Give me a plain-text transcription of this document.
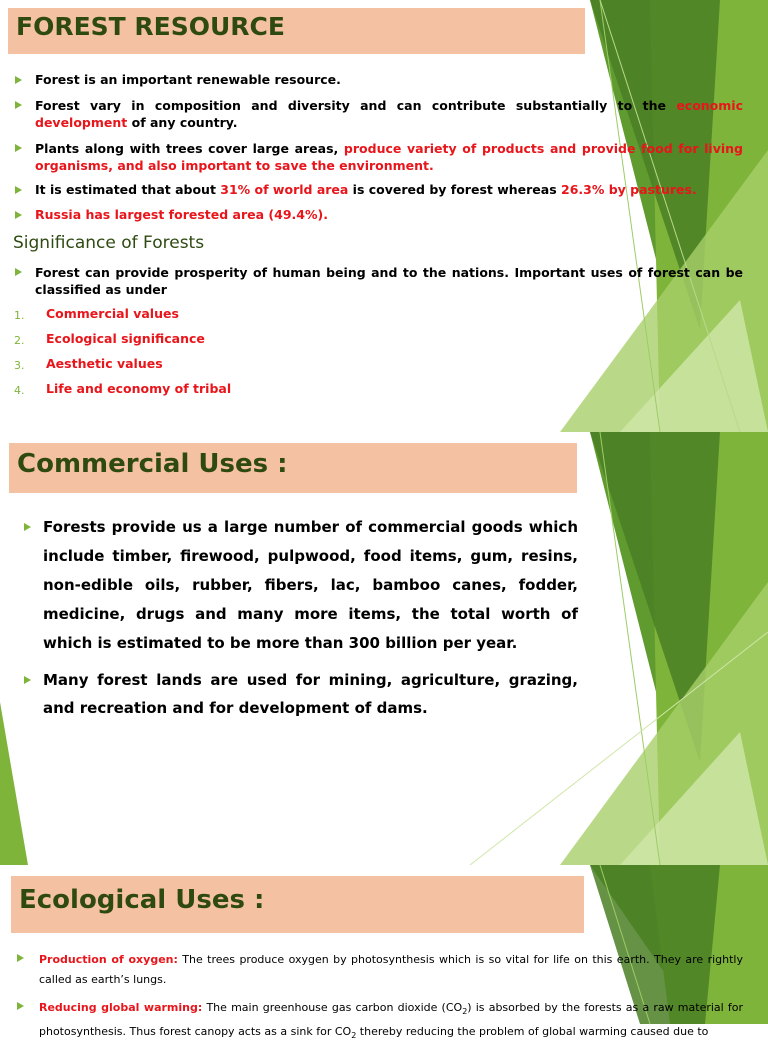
FOREST RESOURCE
Forest is an important renewable resource.
Forest vary in composition and diversity and can contribute substantially to the economic development of any country.
Plants along with trees cover large areas, produce variety of products and provide food for living organisms, and also important to save the environment.
It is estimated that about 31% of world area is covered by forest whereas 26.3% by pastures.
Russia has largest forested area (49.4%).
Significance of Forests
Forest can provide prosperity of human being and to the nations. Important uses of forest can be classified as under
1. Commercial values
2. Ecological significance
3. Aesthetic values
4. Life and economy of tribal
Commercial Uses :
Forests provide us a large number of commercial goods which include timber, firewood, pulpwood, food items, gum, resins, non-edible oils, rubber, fibers, lac, bamboo canes, fodder, medicine, drugs and many more items, the total worth of which is estimated to be more than 300 billion per year.
Many forest lands are used for mining, agriculture, grazing, and recreation and for development of dams.
Ecological Uses :
Production of oxygen: The trees produce oxygen by photosynthesis which is so vital for life on this earth. They are rightly called as earth’s lungs.
Reducing global warming: The main greenhouse gas carbon dioxide $(CO_2)$ is absorbed by the forests as a raw material for photosynthesis. Thus forest canopy acts as a sink for $CO_2$ thereby reducing the problem of global warming caused due to
